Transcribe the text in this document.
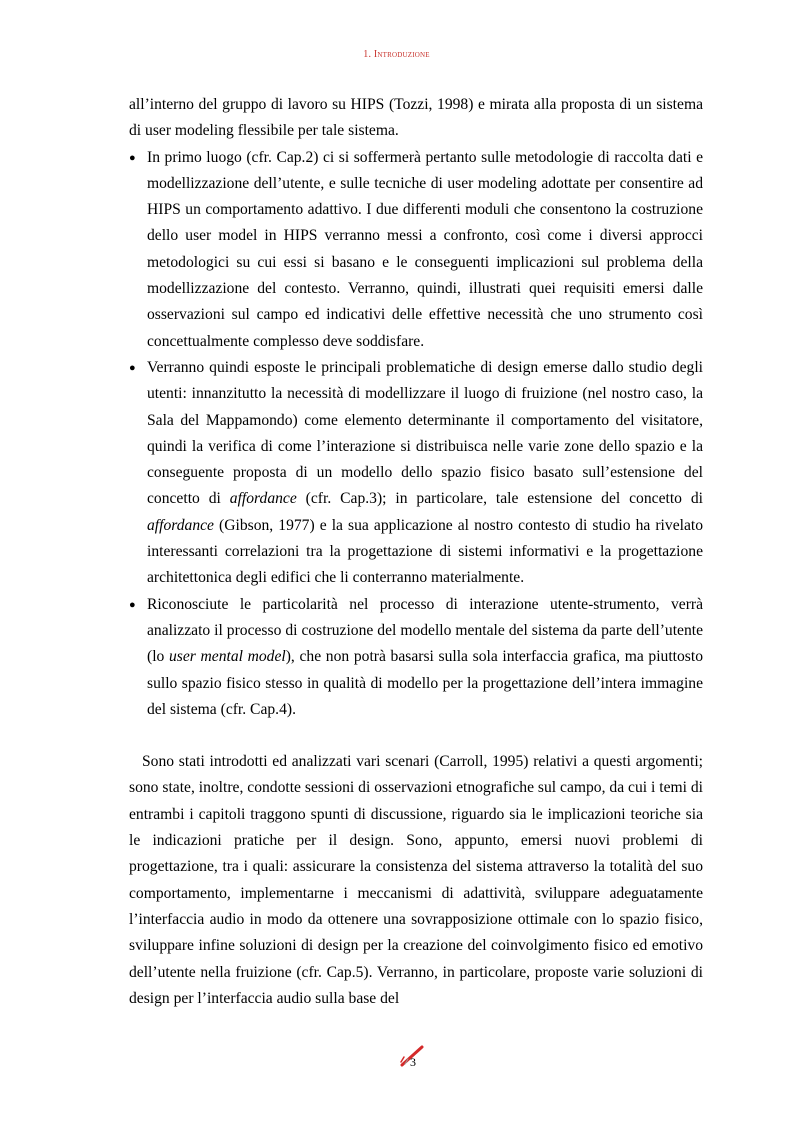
1. Introduzione

all’interno del gruppo di lavoro su HIPS (Tozzi, 1998) e mirata alla proposta di un sistema di user modeling flessibile per tale sistema.

● In primo luogo (cfr. Cap.2) ci si soffermerà pertanto sulle metodologie di raccolta dati e modellizzazione dell’utente, e sulle tecniche di user modeling adottate per consentire ad HIPS un comportamento adattivo. I due differenti moduli che consentono la costruzione dello user model in HIPS verranno messi a confronto, così come i diversi approcci metodologici su cui essi si basano e le conseguenti implicazioni sul problema della modellizzazione del contesto. Verranno, quindi, illustrati quei requisiti emersi dalle osservazioni sul campo ed indicativi delle effettive necessità che uno strumento così concettualmente complesso deve soddisfare.
● Verranno quindi esposte le principali problematiche di design emerse dallo studio degli utenti: innanzitutto la necessità di modellizzare il luogo di fruizione (nel nostro caso, la Sala del Mappamondo) come elemento determinante il comportamento del visitatore, quindi la verifica di come l’interazione si distribuisca nelle varie zone dello spazio e la conseguente proposta di un modello dello spazio fisico basato sull’estensione del concetto di affordance (cfr. Cap.3); in particolare, tale estensione del concetto di affordance (Gibson, 1977) e la sua applicazione al nostro contesto di studio ha rivelato interessanti correlazioni tra la progettazione di sistemi informativi e la progettazione architettonica degli edifici che li conterranno materialmente.
● Riconosciute le particolarità nel processo di interazione utente-strumento, verrà analizzato il processo di costruzione del modello mentale del sistema da parte dell’utente (lo user mental model), che non potrà basarsi sulla sola interfaccia grafica, ma piuttosto sullo spazio fisico stesso in qualità di modello per la progettazione dell’intera immagine del sistema (cfr. Cap.4).

Sono stati introdotti ed analizzati vari scenari (Carroll, 1995) relativi a questi argomenti; sono state, inoltre, condotte sessioni di osservazioni etnografiche sul campo, da cui i temi di entrambi i capitoli traggono spunti di discussione, riguardo sia le implicazioni teoriche sia le indicazioni pratiche per il design. Sono, appunto, emersi nuovi problemi di progettazione, tra i quali: assicurare la consistenza del sistema attraverso la totalità del suo comportamento, implementarne i meccanismi di adattività, sviluppare adeguatamente l’interfaccia audio in modo da ottenere una sovrapposizione ottimale con lo spazio fisico, sviluppare infine soluzioni di design per la creazione del coinvolgimento fisico ed emotivo dell’utente nella fruizione (cfr. Cap.5). Verranno, in particolare, proposte varie soluzioni di design per l’interfaccia audio sulla base del

3
